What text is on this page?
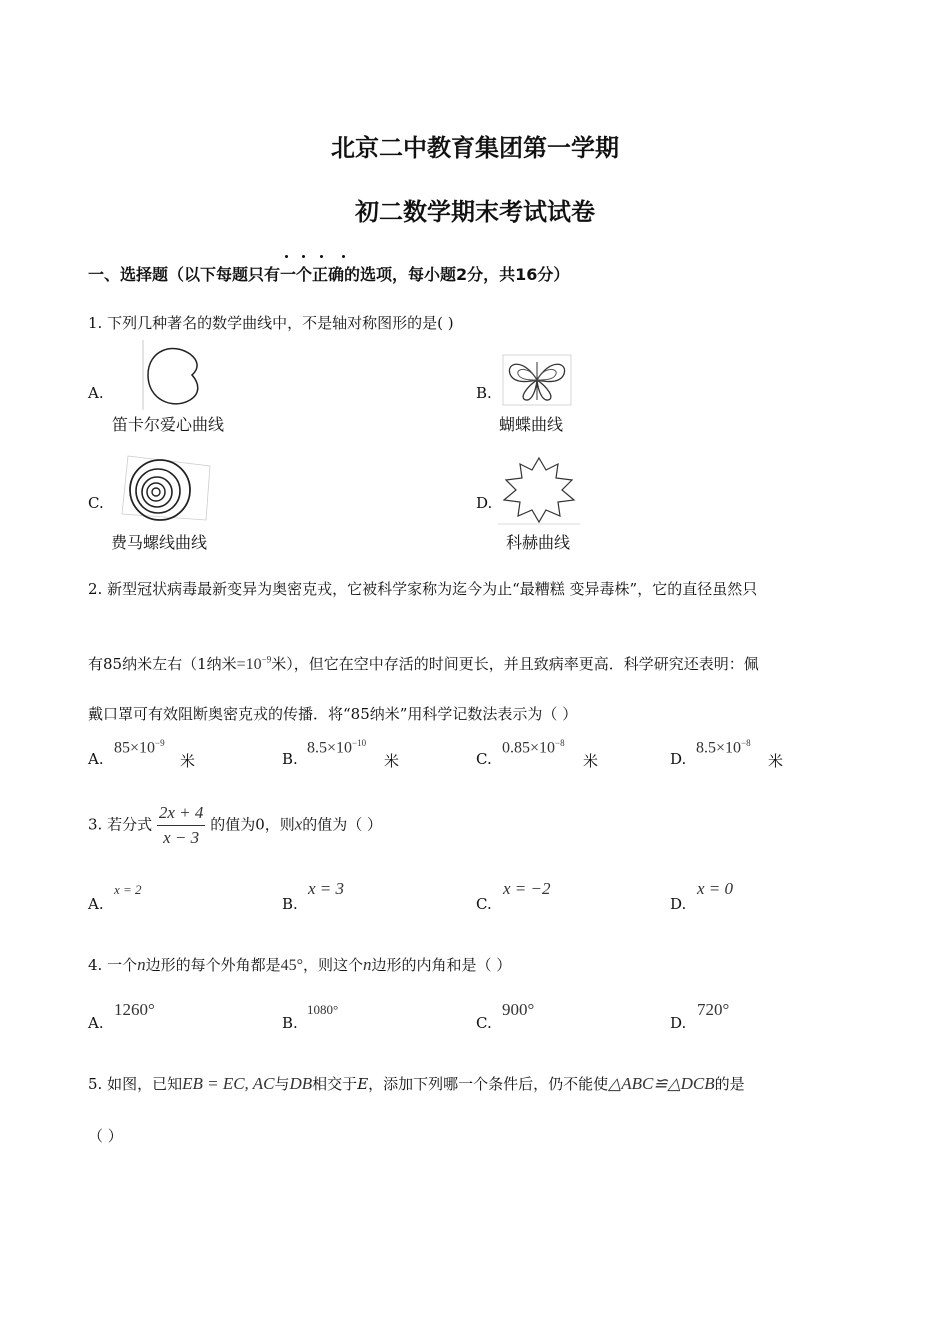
北京二中教育集团第一学期
初二数学期末考试试卷
一、选择题（以下每题只有一个正确的选项，每小题2分，共16分）
1. 下列几种著名的数学曲线中，不是轴对称图形的是( )
A.
笛卡尔爱心曲线
B.
蝴蝶曲线
C.
费马螺线曲线
D.
科赫曲线
2. 新型冠状病毒最新变异为奥密克戎，它被科学家称为迄今为止“最糟糕 变异毒株”，它的直径虽然只
有85纳米左右（1纳米$=10^{-9}$米），但它在空中存活的时间更长，并且致病率更高．科学研究还表明：佩
戴口罩可有效阻断奥密克戎的传播．将“85纳米”用科学记数法表示为（ ）
A.
$85\times 10^{-9}$
米	B.
$8.5\times 10^{-10}$
米	C.
$0.85\times 10^{-8}$
米	D.
$8.5\times 10^{-8}$
米
3. 若分式 $\frac{2x + 4}{x - 3}$ 的值为0，则x的值为（ ）
A.
x = 2
B.
x = 3
C.
x = −2
D.
x = 0
4. 一个n边形的每个外角都是45°，则这个n边形的内角和是（ ）
A.
1260°
B.
1080°
C.
900°
D.
720°
5. 如图，已知EB = EC, AC与DB相交于E，添加下列哪一个条件后，仍不能使△ABC≌△DCB的是
（ ）
